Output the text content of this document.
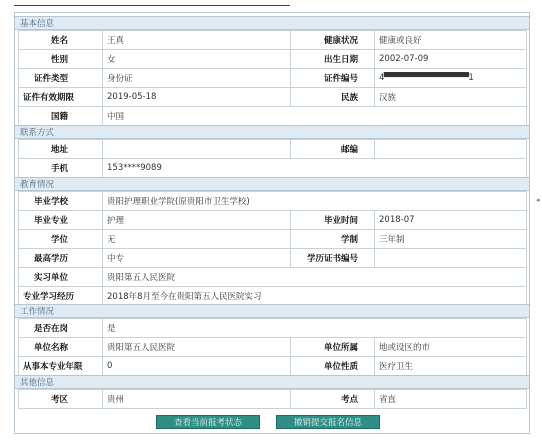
基本信息
姓名	王真	健康状况	健康或良好
性别	女	出生日期	2002-07-09
证件类型	身份证	证件编号	4▀▀▀▀▀▀▀▀▀▀▀▀▀▀1
证件有效期限	2019-05-18	民族	汉族
国籍	中国		
联系方式
地址		邮编	
手机	153****9089		
教育情况
毕业学校	贵阳护理职业学院(原贵阳市卫生学校)		
毕业专业	护理	毕业时间	2018-07
学位	无	学制	三年制
最高学历	中专	学历证书编号	
实习单位	贵阳第五人民医院		
专业学习经历	2018年8月至今在贵阳第五人民医院实习		
工作情况
是否在岗	是		
单位名称	贵阳第五人民医院	单位所属	地或设区的市
从事本专业年限	0	单位性质	医疗卫生
其他信息
考区	贵州	考点	省直
◂
查看当前报考状态	撤销提交报名信息
